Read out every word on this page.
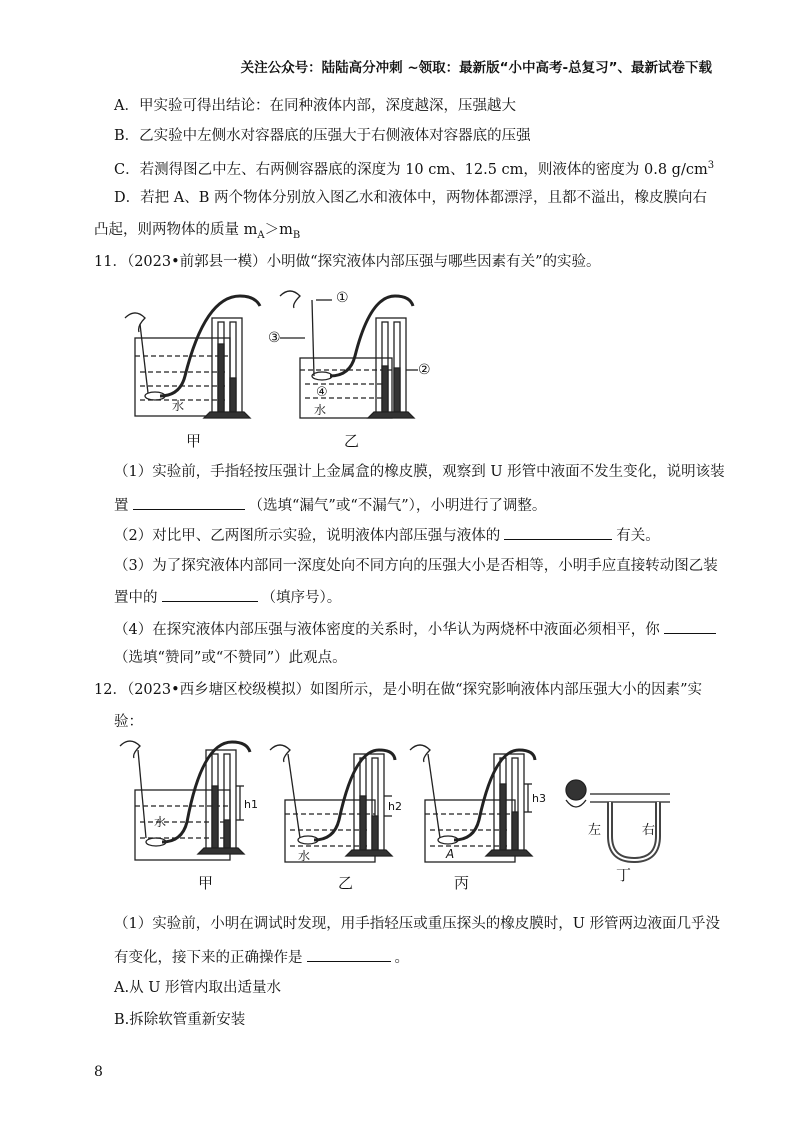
关注公众号：陆陆高分冲刺 ~领取：最新版“小中高考-总复习”、最新试卷下载
A．甲实验可得出结论：在同种液体内部，深度越深，压强越大
B．乙实验中左侧水对容器底的压强大于右侧液体对容器底的压强
C．若测得图乙中左、右两侧容器底的深度为 10 cm、12.5 cm，则液体的密度为 0.8 $g/cm^3$
D．若把 A、B 两个物体分别放入图乙水和液体中，两物体都漂浮，且都不溢出，橡皮膜向右
凸起，则两物体的质量 $m_A>m_B$
11．（2023•前郭县一模）小明做“探究液体内部压强与哪些因素有关”的实验。
水
甲
①
③
②
④
水
乙
（1）实验前，手指轻按压强计上金属盒的橡皮膜，观察到 U 形管中液面不发生变化，说明该装
置	（选填“漏气”或“不漏气”），小明进行了调整。
（2）对比甲、乙两图所示实验，说明液体内部压强与液体的	有关。
（3）为了探究液体内部同一深度处向不同方向的压强大小是否相等，小明手应直接转动图乙装
置中的	（填序号）。
（4）在探究液体内部压强与液体密度的关系时，小华认为两烧杯中液面必须相平，你
（选填“赞同”或“不赞同”）此观点。
12．（2023•西乡塘区校级模拟）如图所示，是小明在做“探究影响液体内部压强大小的因素”实
验：
水
h1
甲
水
h2
乙
A
h3
丙
左	右
丁
（1）实验前，小明在调试时发现，用手指轻压或重压探头的橡皮膜时，U 形管两边液面几乎没
有变化，接下来的正确操作是	。
A.从 U 形管内取出适量水
B.拆除软管重新安装
8
